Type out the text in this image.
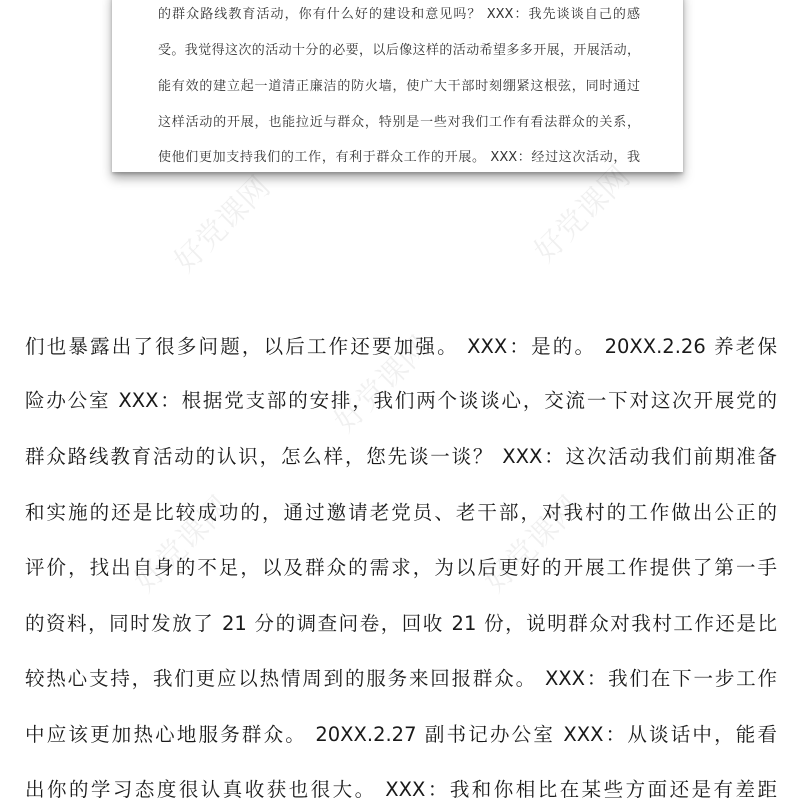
的群众路线教育活动，你有什么好的建设和意见吗？ XXX：我先谈谈自己的感
受。我觉得这次的活动十分的必要，以后像这样的活动希望多多开展，开展活动，
能有效的建立起一道清正廉洁的防火墙，使广大干部时刻绷紧这根弦，同时通过
这样活动的开展，也能拉近与群众，特别是一些对我们工作有看法群众的关系，
使他们更加支持我们的工作，有利于群众工作的开展。 XXX：经过这次活动，我
们也暴露出了很多问题，以后工作还要加强。 XXX：是的。 20XX.2.26 养老保
险办公室 XXX：根据党支部的安排，我们两个谈谈心，交流一下对这次开展党的
群众路线教育活动的认识，怎么样，您先谈一谈？ XXX：这次活动我们前期准备
和实施的还是比较成功的，通过邀请老党员、老干部，对我村的工作做出公正的
评价，找出自身的不足，以及群众的需求，为以后更好的开展工作提供了第一手
的资料，同时发放了 21 分的调查问卷，回收 21 份，说明群众对我村工作还是比
较热心支持，我们更应以热情周到的服务来回报群众。 XXX：我们在下一步工作
中应该更加热心地服务群众。 20XX.2.27 副书记办公室 XXX：从谈话中，能看
出你的学习态度很认真收获也很大。 XXX：我和你相比在某些方面还是有差距
好党课网	好党课网
好党课网
好党课网	好党课网
